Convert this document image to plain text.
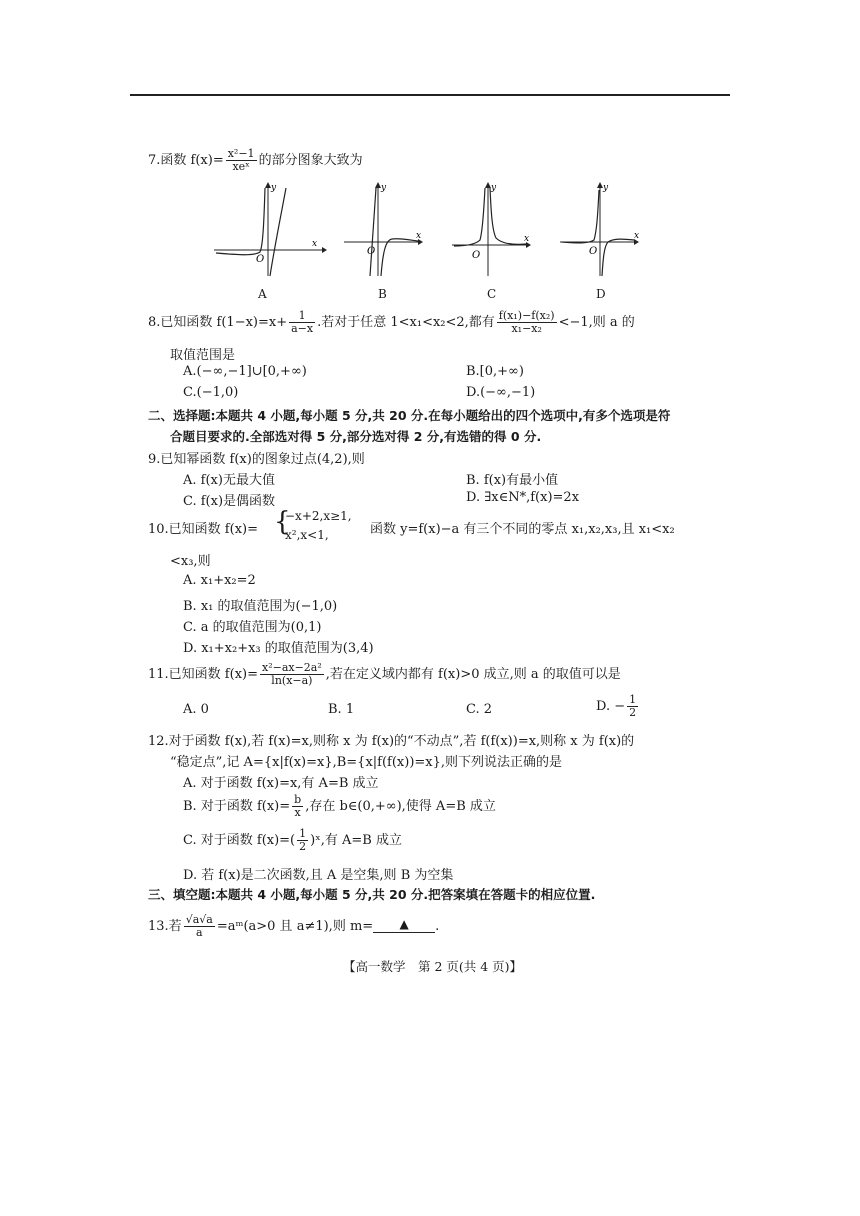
7.函数 $f(x)= \frac{\text{x²−1}}{\text{xeˣ}}$ 的部分图象大致为
x
y
O
A
x
y
O
B
x
y
O
C
x
y
O
D
8.已知函数 $f(1-x)=x+ \frac{1}{a-x}$ .若对于任意 1<x₁<x₂<2,都有 $\frac{\text{f(x₁)−f(x₂)}}{\text{x₁−x₂}} <-1$,则 a 的
取值范围是
A.(−∞,−1]∪[0,+∞)	B.[0,+∞)
C.(−1,0)	D.(−∞,−1)
二、选择题:本题共 4 小题,每小题 5 分,共 20 分.在每小题给出的四个选项中,有多个选项是符
合题目要求的.全部选对得 5 分,部分选对得 2 分,有选错的得 0 分.
9.已知幂函数 f(x)的图象过点(4,2),则
A. f(x)无最大值	B. f(x)有最小值
C. f(x)是偶函数	D. ∃x∈N*,f(x)=2x
10.已知函数 f(x)= {
−x+2,x≥1,
x²,x<1,	函数 y=f(x)−a 有三个不同的零点 x₁,x₂,x₃,且 x₁<x₂
<x₃,则
A. x₁+x₂=2
B. x₁ 的取值范围为(−1,0)
C. a 的取值范围为(0,1)
D. x₁+x₂+x₃ 的取值范围为(3,4)
11.已知函数 $f(x)= \frac{\text{x²−ax−2a²}}{\ln(x-a)}$ ,若在定义域内都有 f(x)>0 成立,则 a 的取值可以是
A. 0	B. 1	C. 2	D. − $\frac{1}{2}$
12.对于函数 f(x),若 f(x)=x,则称 x 为 f(x)的“不动点”,若 f(f(x))=x,则称 x 为 f(x)的
“稳定点”,记 A={x|f(x)=x},B={x|f(f(x))=x},则下列说法正确的是
A. 对于函数 f(x)=x,有 A=B 成立
B. 对于函数 $f(x)= \frac{b}{x}$ ,存在 b∈(0,+∞),使得 A=B 成立
C. 对于函数 $f(x)=( \frac{1}{2}$ )ˣ,有 A=B 成立
D. 若 f(x)是二次函数,且 A 是空集,则 B 为空集
三、填空题:本题共 4 小题,每小题 5 分,共 20 分.把答案填在答题卡的相应位置.
13.若 $\frac{√a√a}{a}$ =aᵐ(a>0 且 a≠1),则 m= ▲ .
【高一数学　第 2 页(共 4 页)】
